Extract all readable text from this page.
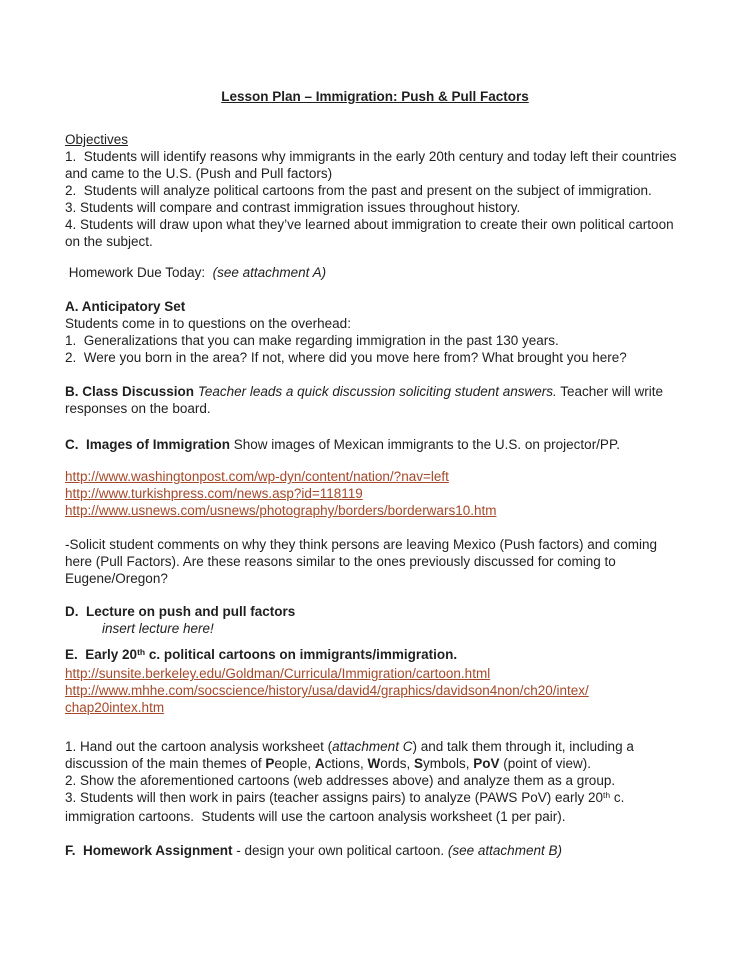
Lesson Plan – Immigration: Push & Pull Factors

Objectives

1.  Students will identify reasons why immigrants in the early 20th century and today left their countries and came to the U.S. (Push and Pull factors)

2.  Students will analyze political cartoons from the past and present on the subject of immigration.

3. Students will compare and contrast immigration issues throughout history.

4. Students will draw upon what they’ve learned about immigration to create their own political cartoon on the subject.

Homework Due Today:  (see attachment A)

A. Anticipatory Set

Students come in to questions on the overhead:

1.  Generalizations that you can make regarding immigration in the past 130 years.

2.  Were you born in the area? If not, where did you move here from? What brought you here?

B. Class Discussion Teacher leads a quick discussion soliciting student answers. Teacher will write responses on the board.

C.  Images of Immigration Show images of Mexican immigrants to the U.S. on projector/PP.

http://www.washingtonpost.com/wp-dyn/content/nation/?nav=left

http://www.turkishpress.com/news.asp?id=118119

http://www.usnews.com/usnews/photography/borders/borderwars10.htm

-Solicit student comments on why they think persons are leaving Mexico (Push factors) and coming here (Pull Factors). Are these reasons similar to the ones previously discussed for coming to Eugene/Oregon?

D.  Lecture on push and pull factors

insert lecture here!

E.  Early 20th c. political cartoons on immigrants/immigration.

http://sunsite.berkeley.edu/Goldman/Curricula/Immigration/cartoon.html

http://www.mhhe.com/socscience/history/usa/david4/graphics/davidson4non/ch20/intex/

chap20intex.htm

1. Hand out the cartoon analysis worksheet (attachment C) and talk them through it, including a discussion of the main themes of People, Actions, Words, Symbols, PoV (point of view).

2. Show the aforementioned cartoons (web addresses above) and analyze them as a group.

3. Students will then work in pairs (teacher assigns pairs) to analyze (PAWS PoV) early 20th c. immigration cartoons.  Students will use the cartoon analysis worksheet (1 per pair).

F.  Homework Assignment - design your own political cartoon. (see attachment B)
